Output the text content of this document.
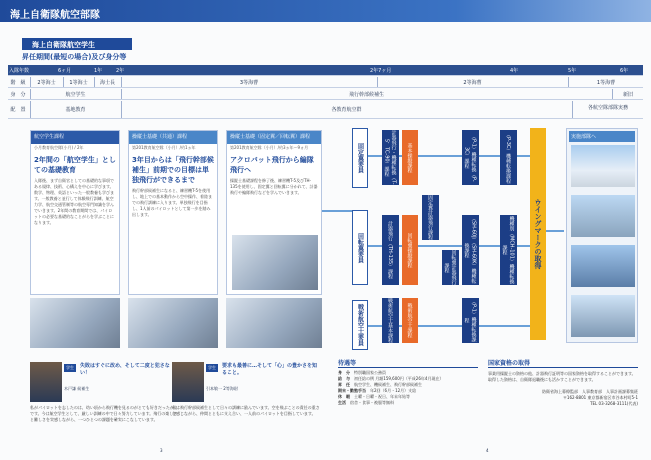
海上自衛隊航空部隊
海上自衛隊航空学生
昇任期間(最短の場合)及び身分等
入隊年数	6ヶ月	1年	2年	2年7ヶ月	4年	5年	6年
階　級	2等海士	1等海士	海士長	3等海曹	2等海曹	1等海曹
身　分	航空学生	飛行幹部候補生	新旧
配　置	基地教育	各教育航空群	各航空隊部隊実務
航空学生課程
小月教育航空隊(小月) / 2年
2年間の「航空学生」としての基礎教育
入隊後、まず自衛官としての基礎的な事項である規律、技術、心構えを中心に学びます。数学、物理、英語といった一般教養も学びます。一般教養と並行して体験飛行訓練、航空力学、航空交通管制等の航空専門知識を学んでいきます。2年間の教育期間では、パイロットの必要な基礎的なことがらを学ぶことになります。
操縦士基礎（共通）課程
第201教育航空隊（小月）/約1ヵ年
3年目からは「飛行幹部候補生」前期での目標は単独飛行ができるまで
飛行幹部候補生になると、練習機T-5を使用し、地上での基本動作から空中操作、着陸までの飛行訓練に入ります。単独飛行を目指し、1人前のパイロットとして第一歩を踏み出します。
操縦士基礎（固定翼／回転翼）課程
第201教育航空隊（小月）/約3ヵ年〜9ヵ月
アクロバット飛行から編隊飛行へ
操縦士基礎課程を修了後、練習機T-5及びTH-135を使用し、固定翼と回転翼に分かれて、計器飛行や編隊飛行などを学んでいきます。
固定翼要員
回転翼要員
戦術航空士要員
計器飛行・機種転換（T-5、TC-90）課程
固定翼計器飛行課程
（P-1）機種転換（P-3C）課程	（P-3C）機種転換課程
基本操縦課程
計器飛行（TH-135）課程	回転翼操縦課程	（SH-60J）（SH-60K）機種転換課程	機種別（MCH-101）機種転換課程
回転翼計器飛行課程
戦術航空士基本課程	戦術航空士課程	（P-1）機種転換課程
ウイングマークの取得
実施部隊へ
学生	失敗はすぐに改め、そして二度と犯さない！
木戸謙 候補生
私がパイロットを志したのは、幼い頃から飛行機を見るのがとても好きだったからです。今は航空学生として、厳しい訓練の中で日々努力しています。飛行の楽しさと難しさを実感しながら、一つひとつの課題を確実にこなしています。
学生	要求も最善に…そして「心」の豊かさを知ること。
引本敏一 2等海尉
私は飛行幹部候補生として日々の訓練に励んでいます。空を飛ぶことの責任の重さを感じながら、仲間とともに支え合い、一人前のパイロットを目指しています。
3	4
待遇等
身　分　 特別職国家公務員
給　与　 初任給の例 月額159,600円（平成26年4月現在）
昇　任　 航空学生、機候補生、飛行幹部候補生
期末・勤勉手当　 年2回（6月・12月）支給
休　暇　 土曜・日曜・祝日、年末年始等
生活　 宿舎・食事・被服等無料
国家資格の取得
事業用操縦士の資格の他、計器飛行証明等の国家資格を取得することができます。取得した資格は、自衛隊退職後にも活かすことができます。
防衛省海上幕僚監部　人事教育部　人事計画課募集班
〒162-8801 東京都新宿区市谷本村町5-1
TEL 03-3268-3111(代表)
